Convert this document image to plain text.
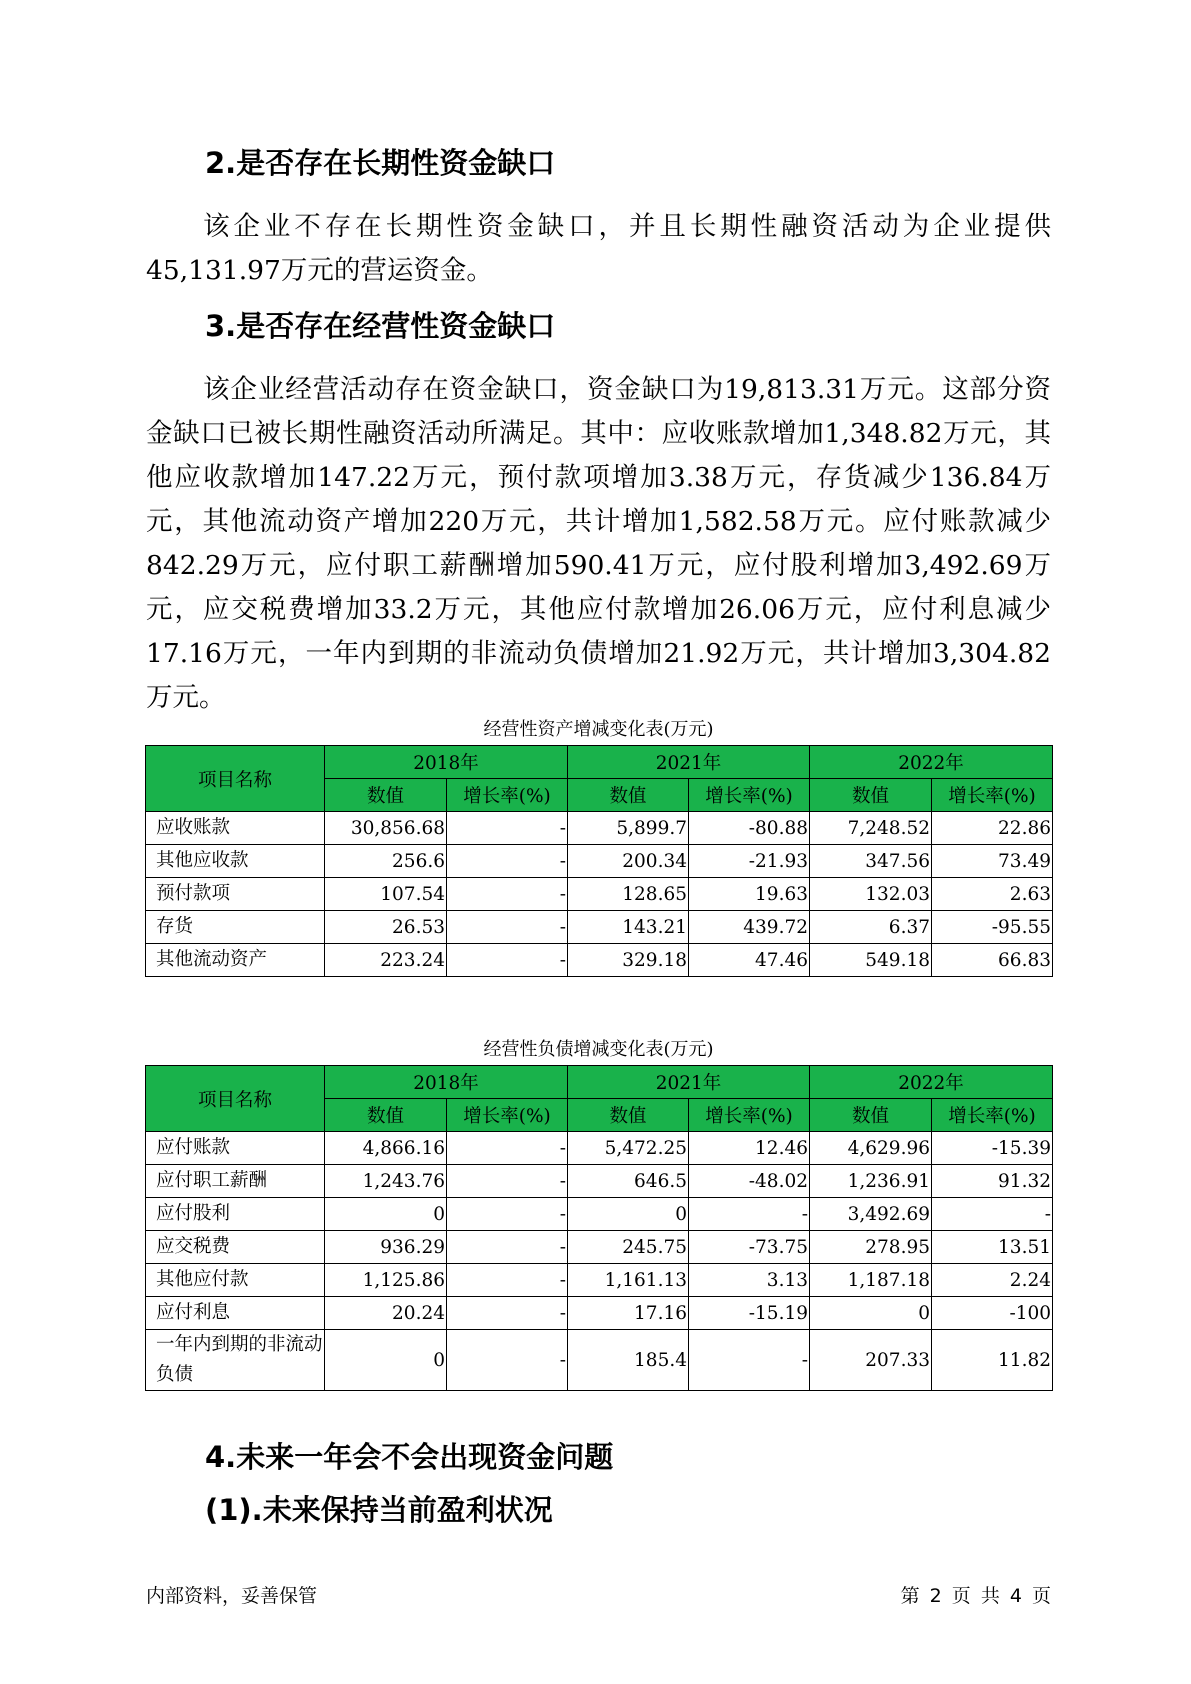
2.是否存在长期性资金缺口

该企业不存在长期性资金缺口，并且长期性融资活动为企业提供45,131.97万元的营运资金。

3.是否存在经营性资金缺口

该企业经营活动存在资金缺口，资金缺口为19,813.31万元。这部分资金缺口已被长期性融资活动所满足。其中：应收账款增加1,348.82万元，其他应收款增加147.22万元，预付款项增加3.38万元，存货减少136.84万元，其他流动资产增加220万元，共计增加1,582.58万元。应付账款减少842.29万元，应付职工薪酬增加590.41万元，应付股利增加3,492.69万元，应交税费增加33.2万元，其他应付款增加26.06万元，应付利息减少17.16万元，一年内到期的非流动负债增加21.92万元，共计增加3,304.82万元。

经营性资产增减变化表(万元)

项目名称	2018年		2021年		2022年	
	数值	增长率(%)	数值	增长率(%)	数值	增长率(%)
应收账款	30,856.68	-	5,899.7	-80.88	7,248.52	22.86
其他应收款	256.6	-	200.34	-21.93	347.56	73.49
预付款项	107.54	-	128.65	19.63	132.03	2.63
存货	26.53	-	143.21	439.72	6.37	-95.55
其他流动资产	223.24	-	329.18	47.46	549.18	66.83

经营性负债增减变化表(万元)

项目名称	2018年		2021年		2022年	
	数值	增长率(%)	数值	增长率(%)	数值	增长率(%)
应付账款	4,866.16	-	5,472.25	12.46	4,629.96	-15.39
应付职工薪酬	1,243.76	-	646.5	-48.02	1,236.91	91.32
应付股利	0	-	0	-	3,492.69	-
应交税费	936.29	-	245.75	-73.75	278.95	13.51
其他应付款	1,125.86	-	1,161.13	3.13	1,187.18	2.24
应付利息	20.24	-	17.16	-15.19	0	-100
一年内到期的非流动负债	0	-	185.4	-	207.33	11.82
4.未来一年会不会出现资金问题
(1).未来保持当前盈利状况

内部资料，妥善保管	第 2 页 共 4 页
